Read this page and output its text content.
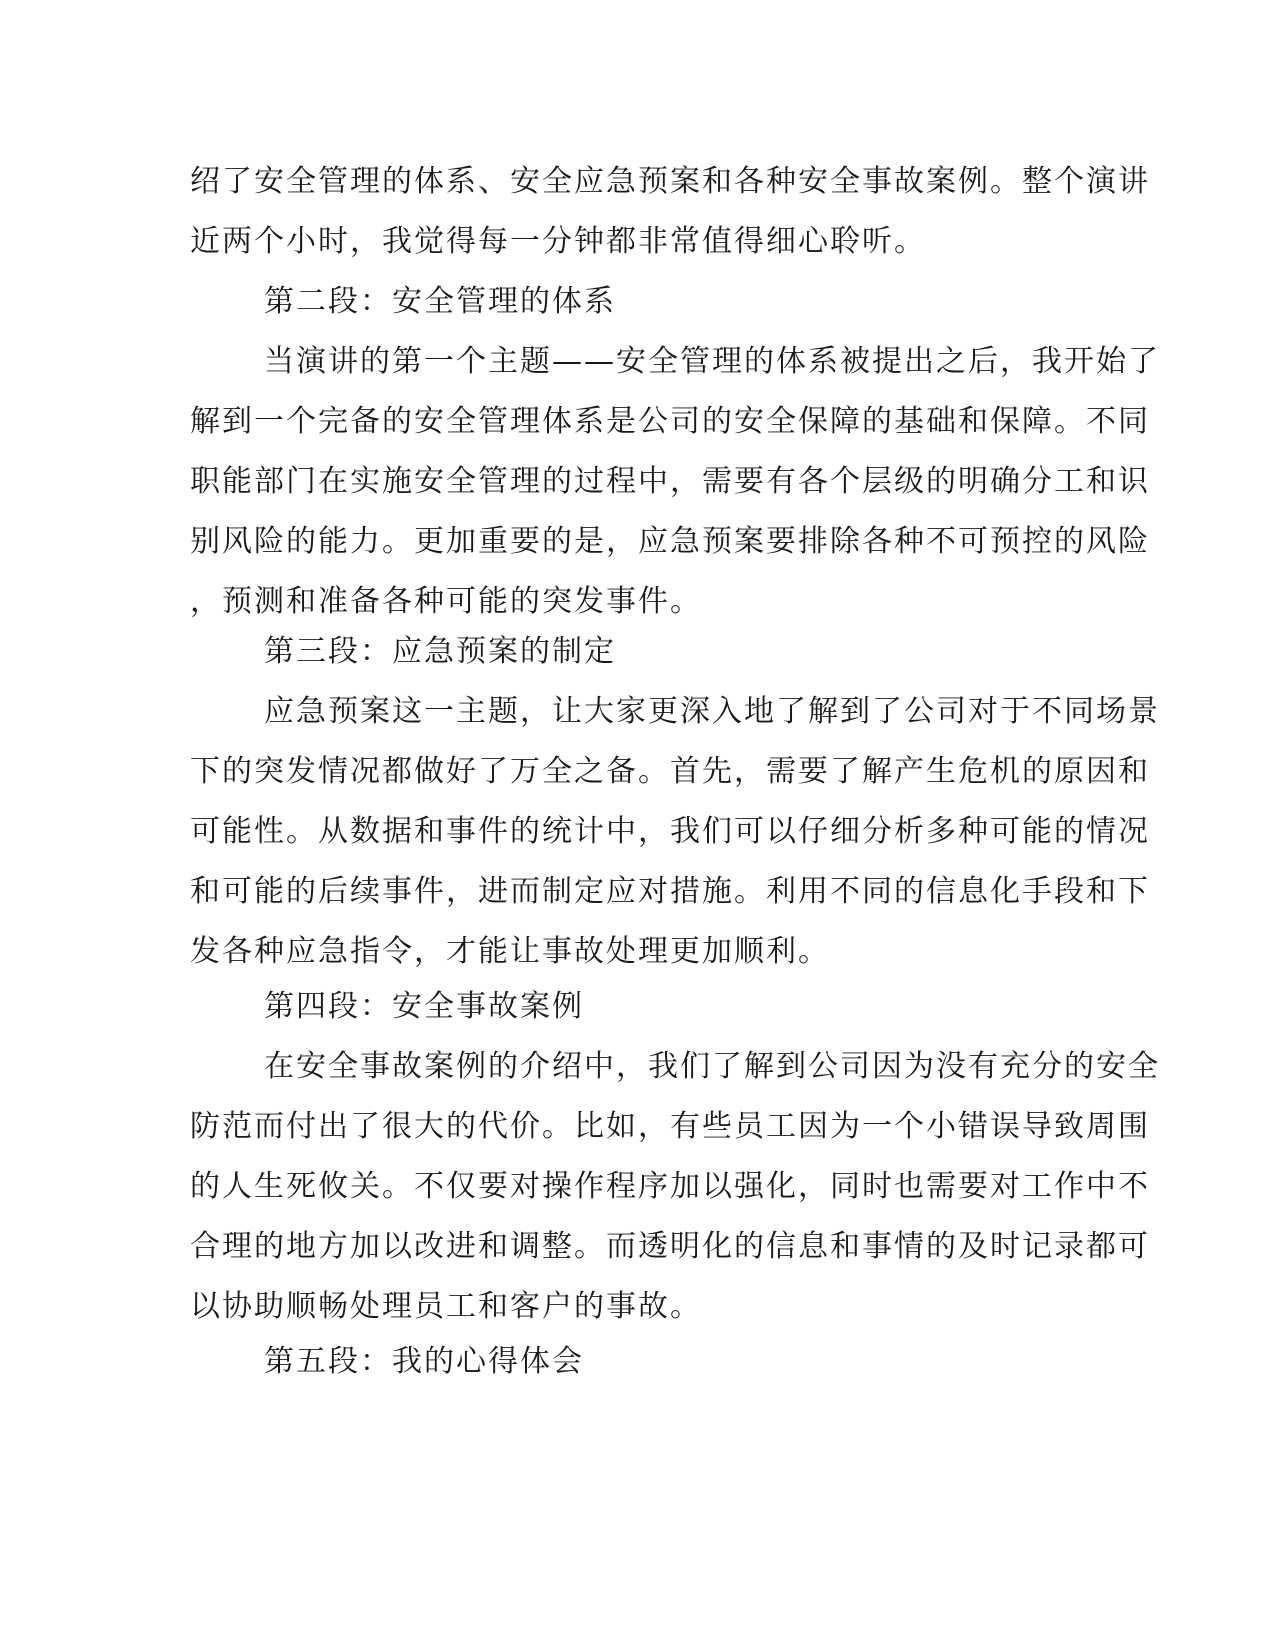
绍了安全管理的体系、安全应急预案和各种安全事故案例。整个演讲
近两个小时，我觉得每一分钟都非常值得细心聆听。
第二段：安全管理的体系
当演讲的第一个主题——安全管理的体系被提出之后，我开始了
解到一个完备的安全管理体系是公司的安全保障的基础和保障。不同
职能部门在实施安全管理的过程中，需要有各个层级的明确分工和识
别风险的能力。更加重要的是，应急预案要排除各种不可预控的风险
，预测和准备各种可能的突发事件。
第三段：应急预案的制定
应急预案这一主题，让大家更深入地了解到了公司对于不同场景
下的突发情况都做好了万全之备。首先，需要了解产生危机的原因和
可能性。从数据和事件的统计中，我们可以仔细分析多种可能的情况
和可能的后续事件，进而制定应对措施。利用不同的信息化手段和下
发各种应急指令，才能让事故处理更加顺利。
第四段：安全事故案例
在安全事故案例的介绍中，我们了解到公司因为没有充分的安全
防范而付出了很大的代价。比如，有些员工因为一个小错误导致周围
的人生死攸关。不仅要对操作程序加以强化，同时也需要对工作中不
合理的地方加以改进和调整。而透明化的信息和事情的及时记录都可
以协助顺畅处理员工和客户的事故。
第五段：我的心得体会
